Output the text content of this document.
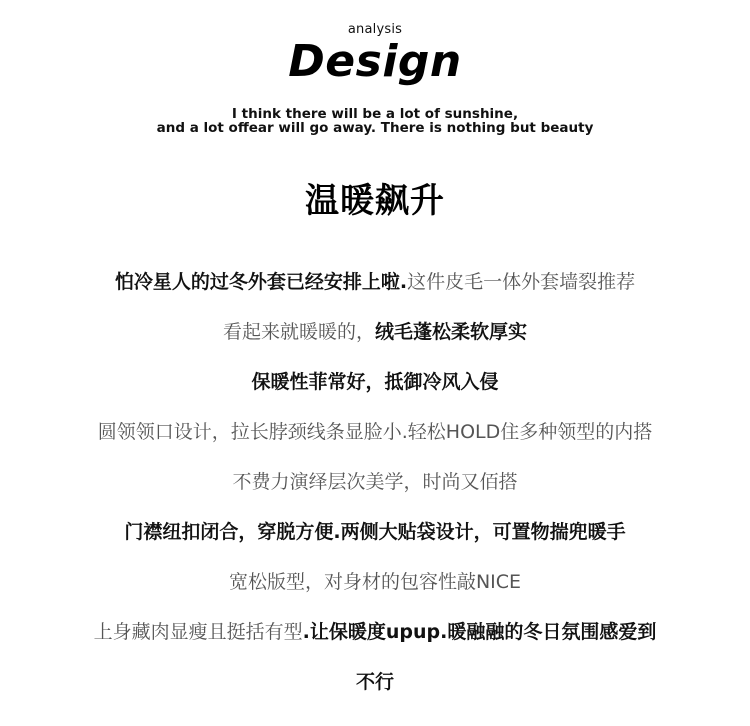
analysis
Design
I think there will be a lot of sunshine,
and a lot offear will go away. There is nothing but beauty
温暖飙升
怕冷星人的过冬外套已经安排上啦.这件皮毛一体外套墙裂推荐
看起来就暖暖的，绒毛蓬松柔软厚实
保暖性菲常好，抵御冷风入侵
圆领领口设计，拉长脖颈线条显脸小.轻松HOLD住多种领型的内搭
不费力演绎层次美学，时尚又佰搭
门襟纽扣闭合，穿脱方便.两侧大贴袋设计，可置物揣兜暖手
宽松版型，对身材的包容性敲NICE
上身藏肉显瘦且挺括有型.让保暖度upup.暖融融的冬日氛围感爱到
不行
